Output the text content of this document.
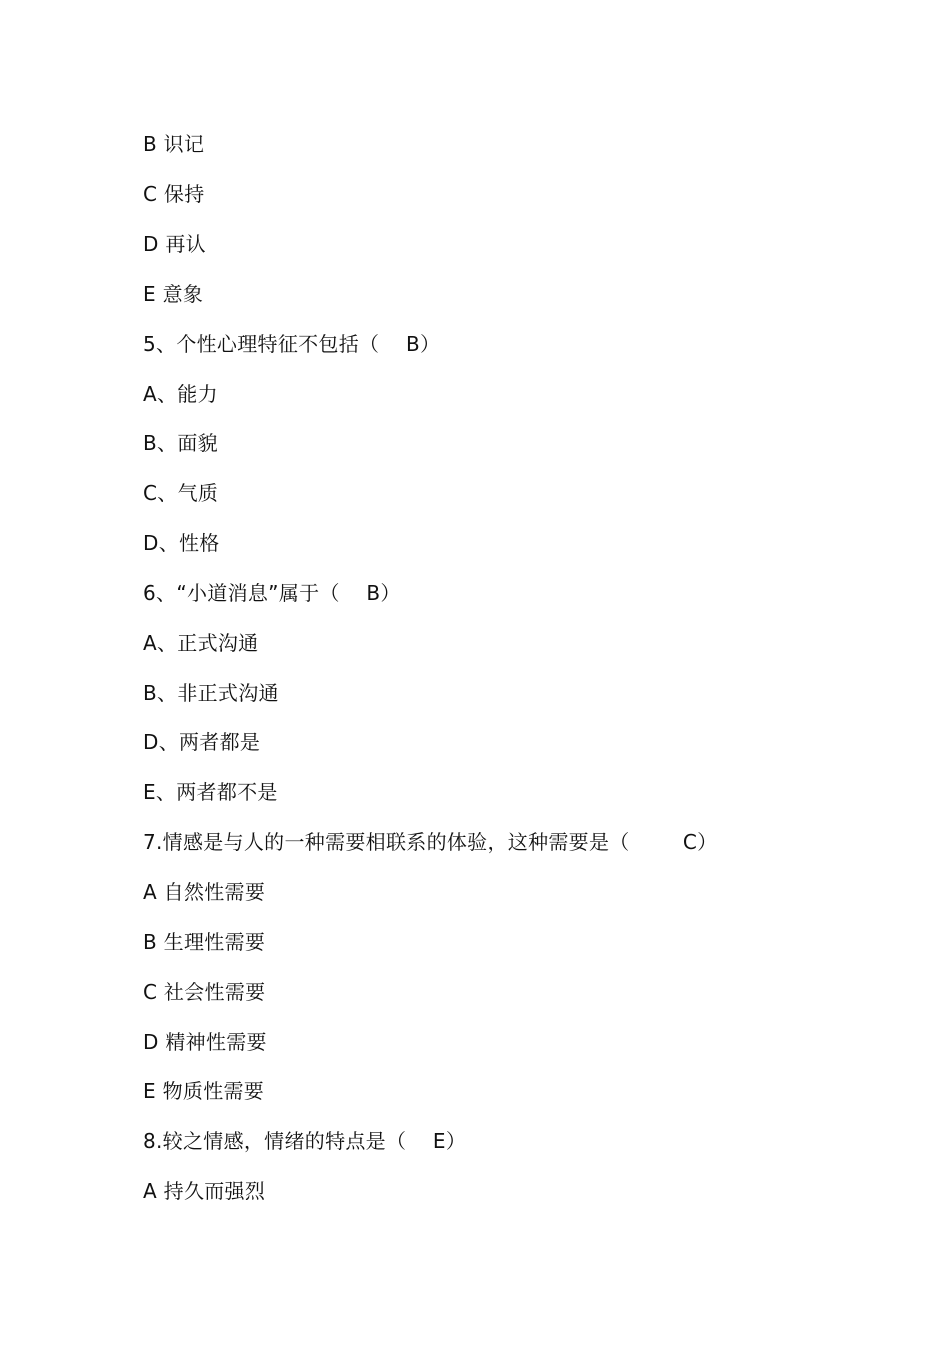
B 识记
C 保持
D 再认
E 意象
5、个性心理特征不包括（    B）
A、能力
B、面貌
C、气质
D、性格
6、“小道消息”属于（    B）
A、正式沟通
B、非正式沟通
D、两者都是
E、两者都不是
7.情感是与人的一种需要相联系的体验，这种需要是（        C）
A 自然性需要
B 生理性需要
C 社会性需要
D 精神性需要
E 物质性需要
8.较之情感，情绪的特点是（    E）
A 持久而强烈
